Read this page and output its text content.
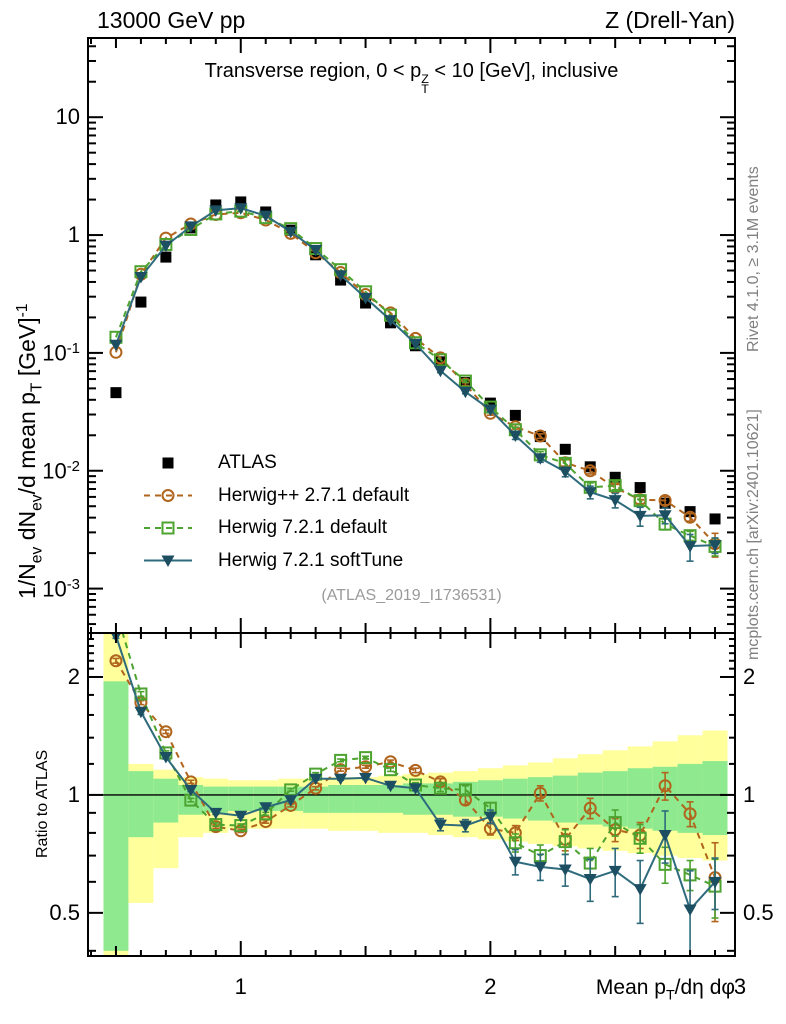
13000 GeV pp	Z (Drell-Yan)
Transverse region, 0 < p Z
T
< 10 [GeV], inclusive
$1/N_{ev}$ $dN_{ev}/d$ mean $p_T$ [GeV]$^{-1}$
Ratio to ATLAS
Mean $p_T/d\eta$ dφ
Rivet 4.1.0, ≥ 3.1M events
mcplots.cern.ch [arXiv:2401.10621]
(ATLAS_2019_I1736531)
ATLAS
Herwig++ 2.7.1 default
Herwig 7.2.1 default
Herwig 7.2.1 softTune
10
1
$10^{-1}$
$10^{-2}$
$10^{-3}$
2	2
1	1
0.5	0.5
1	2	3
